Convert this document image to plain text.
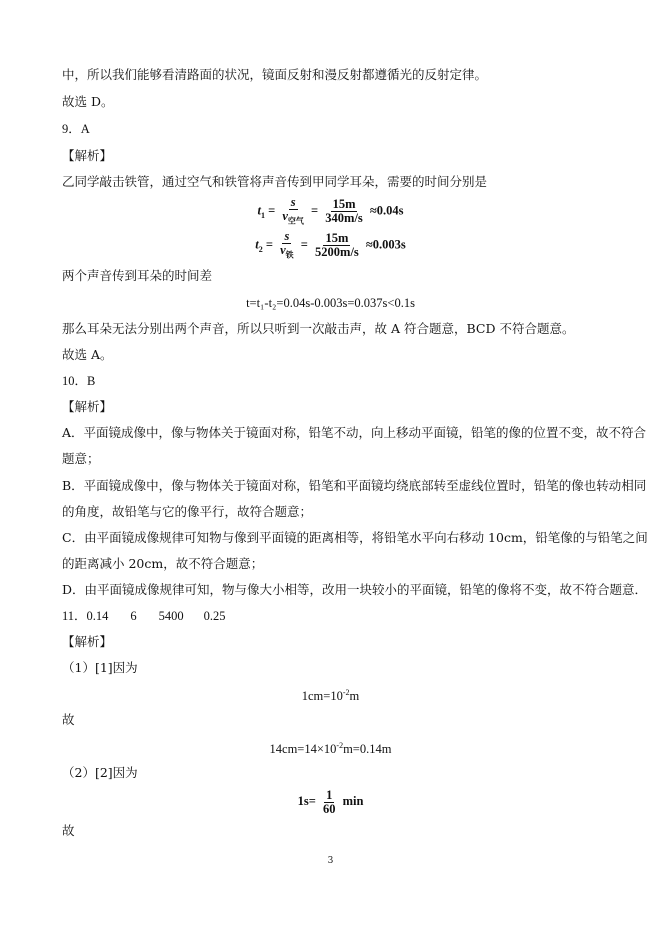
中，所以我们能够看清路面的状况，镜面反射和漫反射都遵循光的反射定律。
故选 D。
9．A
【解析】
乙同学敲击铁管，通过空气和铁管将声音传到甲同学耳朵，需要的时间分别是
$t_1 = \frac{s}{v_{空气}} = \frac{15m}{340m/s} \approx 0.04s$
$t_2 = \frac{s}{v_铁} = \frac{15m}{5200m/s} \approx 0.003s$
两个声音传到耳朵的时间差
t=t₁-t₂=0.04s-0.003s=0.037s<0.1s
那么耳朵无法分别出两个声音，所以只听到一次敲击声，故 A 符合题意，BCD 不符合题意。
故选 A。
10．B
【解析】
A．平面镜成像中，像与物体关于镜面对称，铅笔不动，向上移动平面镜，铅笔的像的位置不变，故不符合
题意；
B．平面镜成像中，像与物体关于镜面对称，铅笔和平面镜均绕底部转至虚线位置时，铅笔的像也转动相同
的角度，故铅笔与它的像平行，故符合题意；
C．由平面镜成像规律可知物与像到平面镜的距离相等，将铅笔水平向右移动 10cm，铅笔像的与铅笔之间
的距离减小 20cm，故不符合题意；
D．由平面镜成像规律可知，物与像大小相等，改用一块较小的平面镜，铅笔的像将不变，故不符合题意．
11．0.14 6 5400 0.25
【解析】
（1）[1]因为
$1cm=10^{-2}m$
故
$14cm=14\times 10^{-2}m=0.14m$
（2）[2]因为
$1s= \frac{1}{60}$ min
故
3
